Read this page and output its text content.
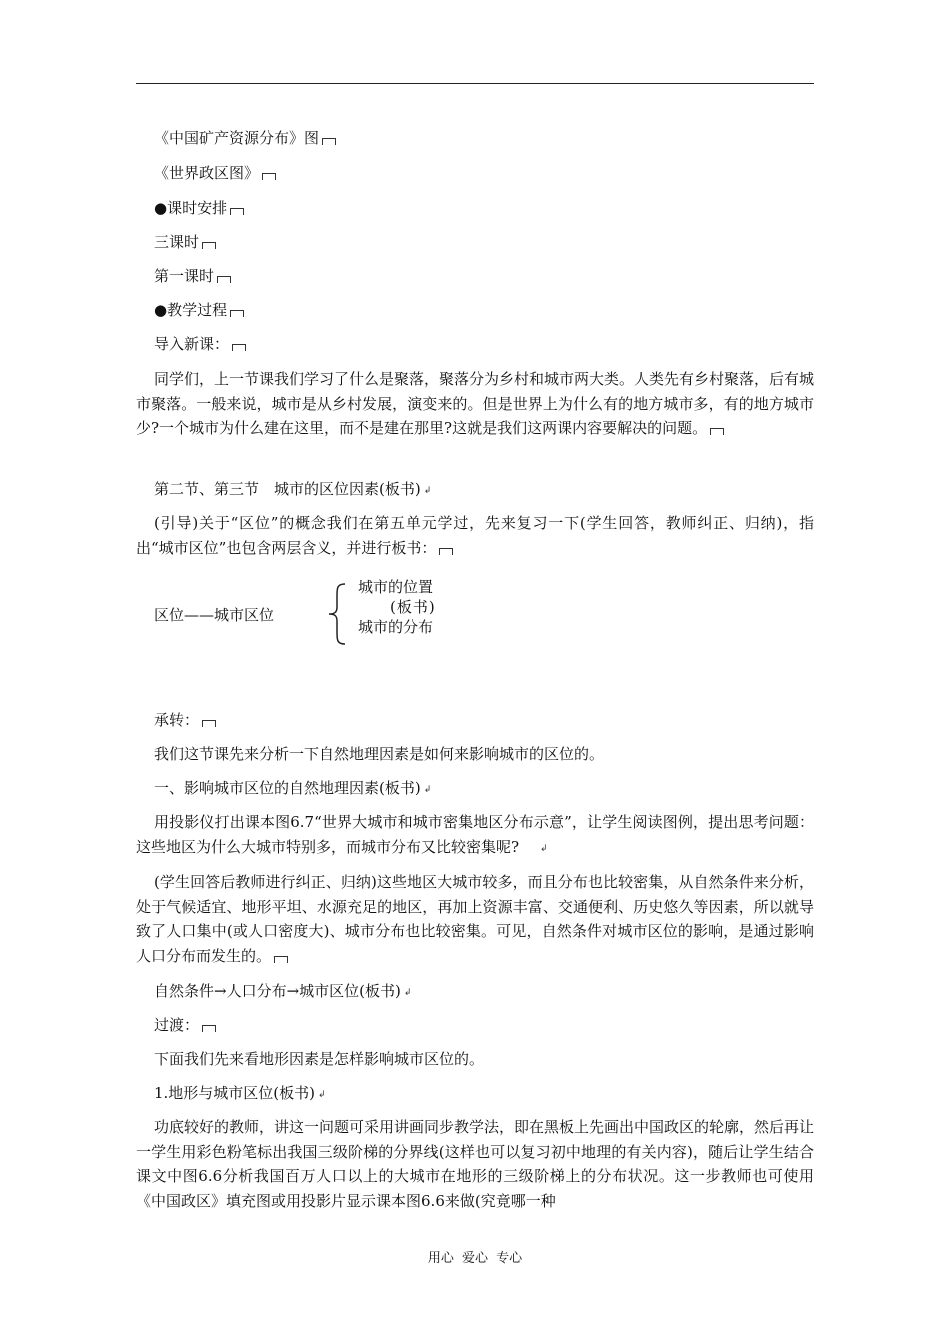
《中国矿产资源分布》图
《世界政区图》
●课时安排
三课时
第一课时
●教学过程
导入新课：
同学们，上一节课我们学习了什么是聚落，聚落分为乡村和城市两大类。人类先有乡村聚落，后有城市聚落。一般来说，城市是从乡村发展，演变来的。但是世界上为什么有的地方城市多，有的地方城市少?一个城市为什么建在这里，而不是建在那里?这就是我们这两课内容要解决的问题。
第二节、第三节　城市的区位因素(板书) ↲
(引导)关于“区位”的概念我们在第五单元学过，先来复习一下(学生回答，教师纠正、归纳)，指出“城市区位”也包含两层含义，并进行板书：
区位——城市区位
城市的位置
(板书)
城市的分布
承转：
我们这节课先来分析一下自然地理因素是如何来影响城市的区位的。
一、影响城市区位的自然地理因素(板书) ↲
用投影仪打出课本图6.7“世界大城市和城市密集地区分布示意”，让学生阅读图例，提出思考问题：这些地区为什么大城市特别多，而城市分布又比较密集呢? ↲
(学生回答后教师进行纠正、归纳)这些地区大城市较多，而且分布也比较密集，从自然条件来分析，处于气候适宜、地形平坦、水源充足的地区，再加上资源丰富、交通便利、历史悠久等因素，所以就导致了人口集中(或人口密度大)、城市分布也比较密集。可见，自然条件对城市区位的影响，是通过影响人口分布而发生的。
自然条件→人口分布→城市区位(板书) ↲
过渡：
下面我们先来看地形因素是怎样影响城市区位的。
1.地形与城市区位(板书) ↲
功底较好的教师，讲这一问题可采用讲画同步教学法，即在黑板上先画出中国政区的轮廓，然后再让一学生用彩色粉笔标出我国三级阶梯的分界线(这样也可以复习初中地理的有关内容)，随后让学生结合课文中图6.6分析我国百万人口以上的大城市在地形的三级阶梯上的分布状况。这一步教师也可使用《中国政区》填充图或用投影片显示课本图6.6来做(究竟哪一种
用心 爱心 专心
